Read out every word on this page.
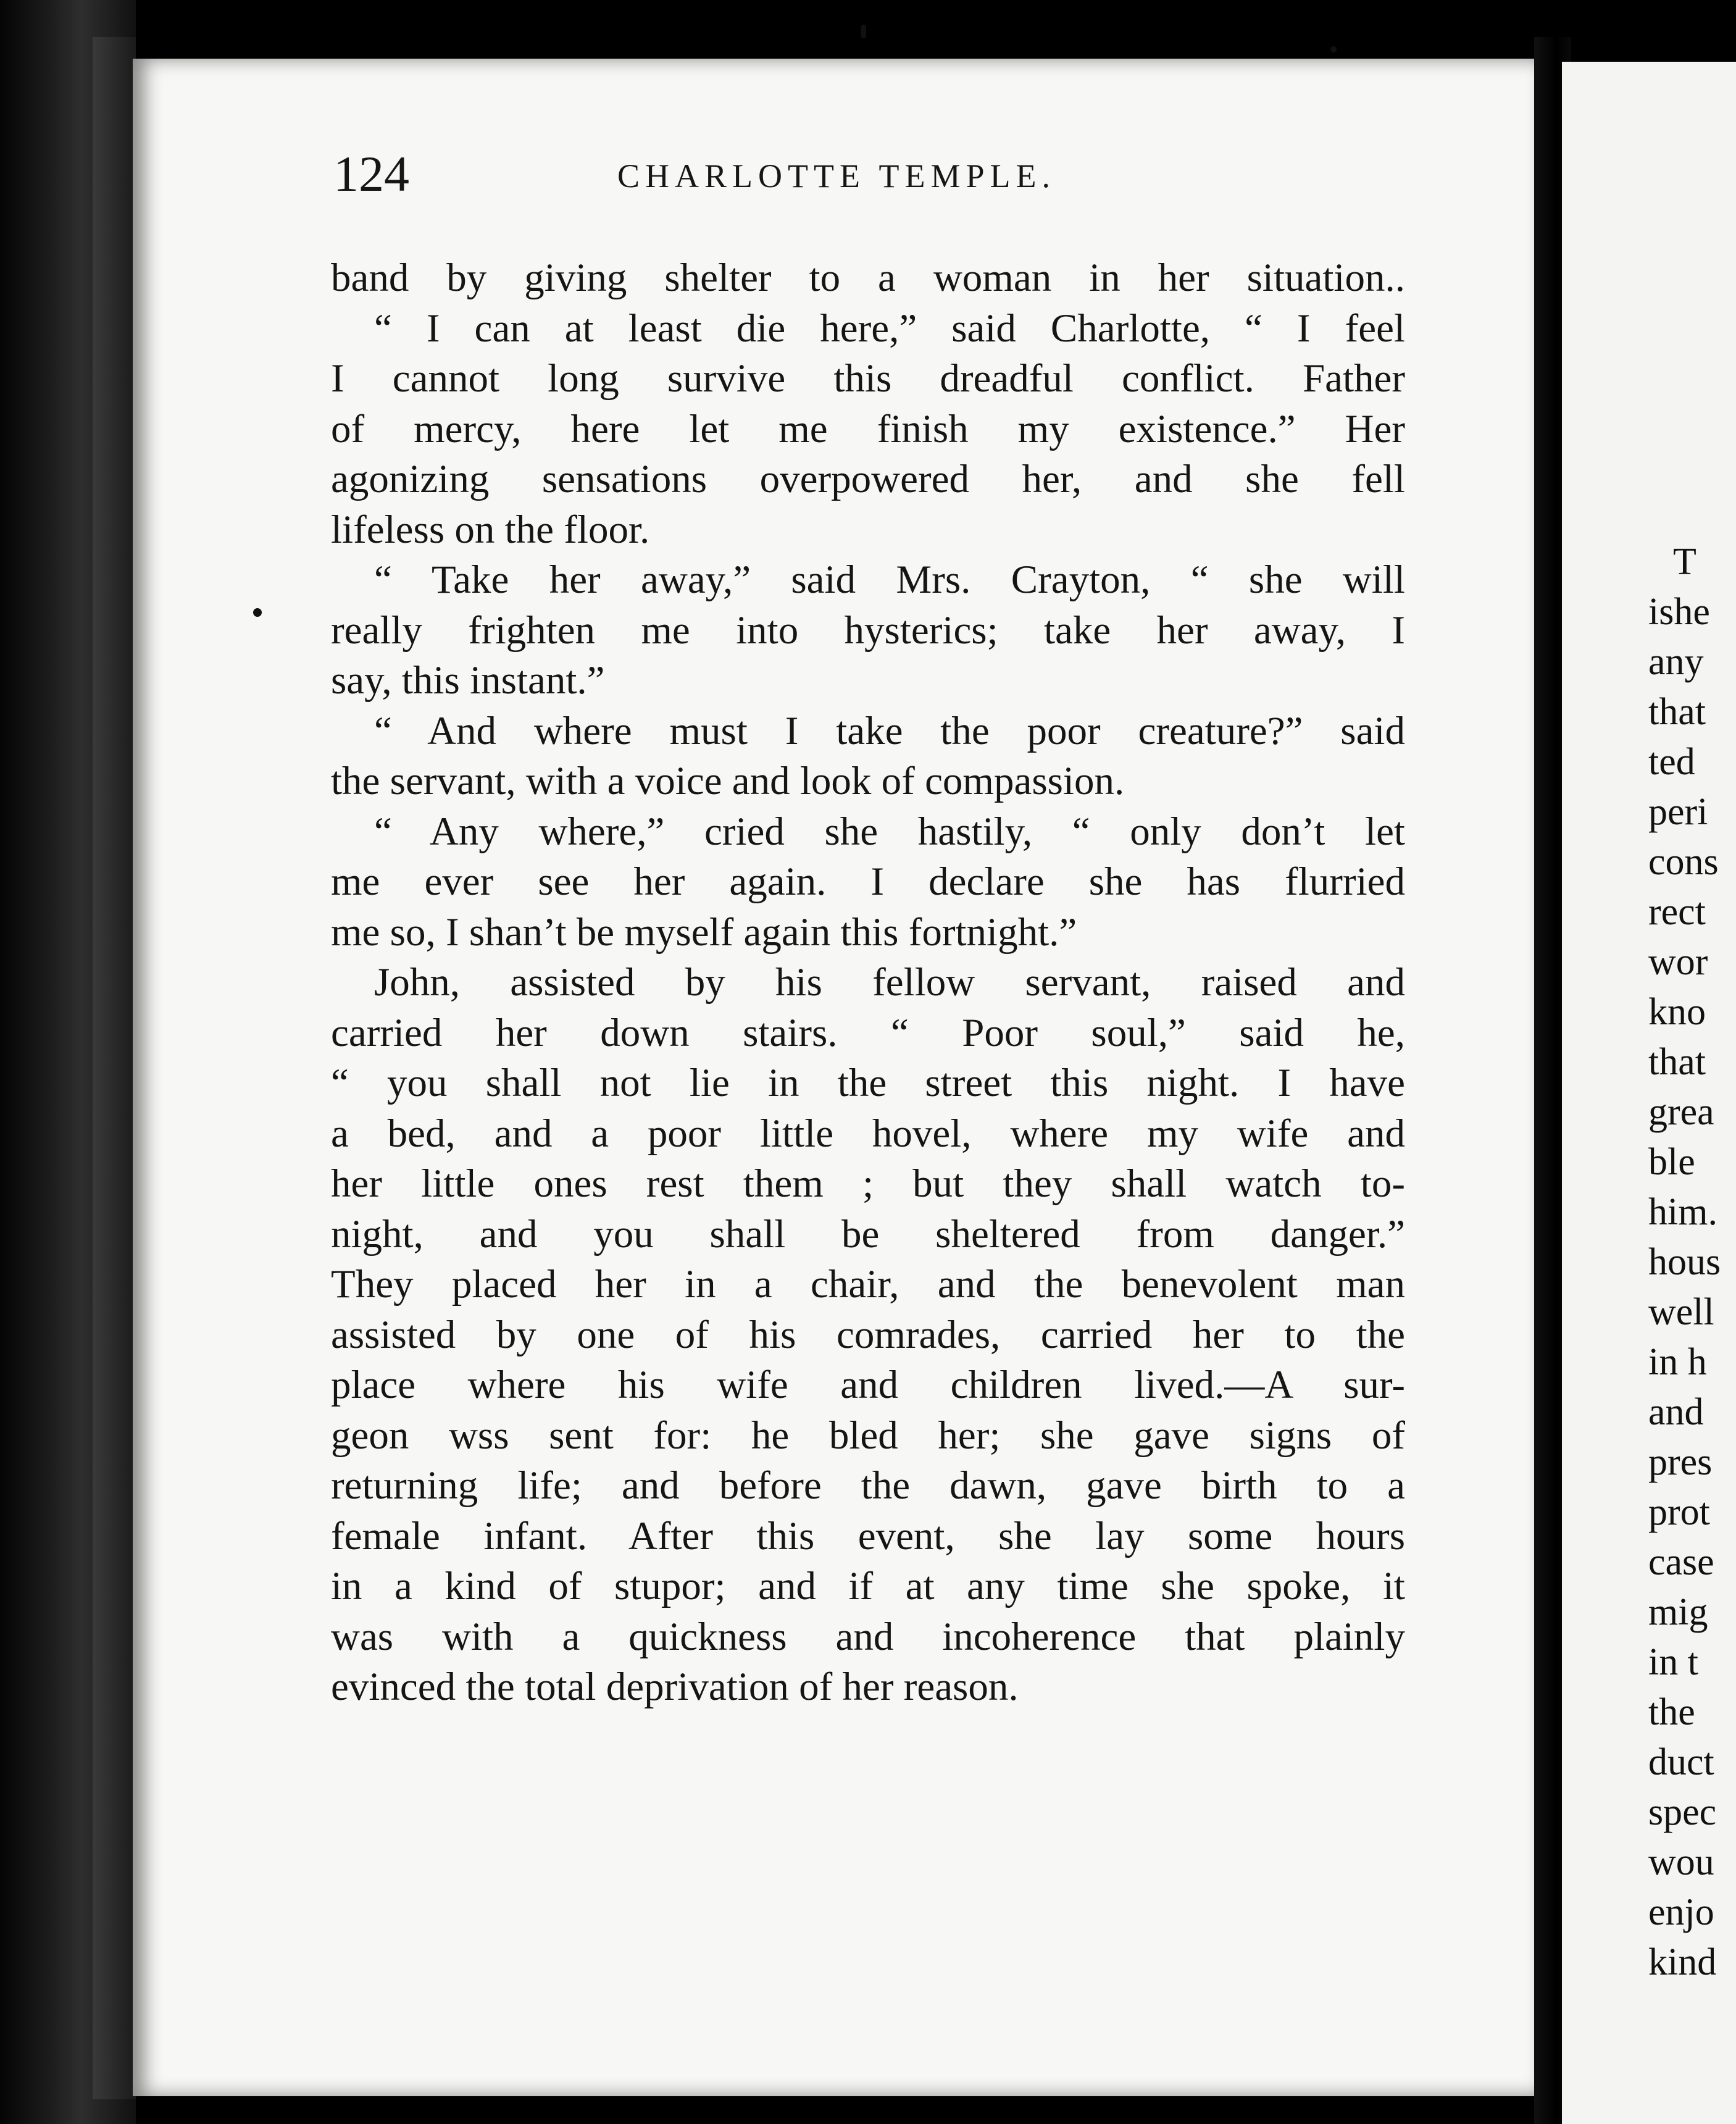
T
ishe
any
that
ted
peri
cons
rect
wor
kno
that
grea
ble
him.
hous
well
in h
and
pres
prot
case
mig
in t
the
duct
spec
wou
enjo
kind
124	CHARLOTTE TEMPLE.
band by giving shelter to a woman in her situation..
“ I can at least die here,” said Charlotte, “ I feel
I cannot long survive this dreadful conflict. Father
of mercy, here let me finish my existence.” Her
agonizing sensations overpowered her, and she fell
lifeless on the floor.
“ Take her away,” said Mrs. Crayton, “ she will
really frighten me into hysterics; take her away, I
say, this instant.”
“ And where must I take the poor creature?” said
the servant, with a voice and look of compassion.
“ Any where,” cried she hastily, “ only don’t let
me ever see her again. I declare she has flurried
me so, I shan’t be myself again this fortnight.”
John, assisted by his fellow servant, raised and
carried her down stairs. “ Poor soul,” said he,
“ you shall not lie in the street this night. I have
a bed, and a poor little hovel, where my wife and
her little ones rest them ; but they shall watch to-
night, and you shall be sheltered from danger.”
They placed her in a chair, and the benevolent man
assisted by one of his comrades, carried her to the
place where his wife and children lived.—A sur-
geon wss sent for: he bled her; she gave signs of
returning life; and before the dawn, gave birth to a
female infant. After this event, she lay some hours
in a kind of stupor; and if at any time she spoke, it
was with a quickness and incoherence that plainly
evinced the total deprivation of her reason.
